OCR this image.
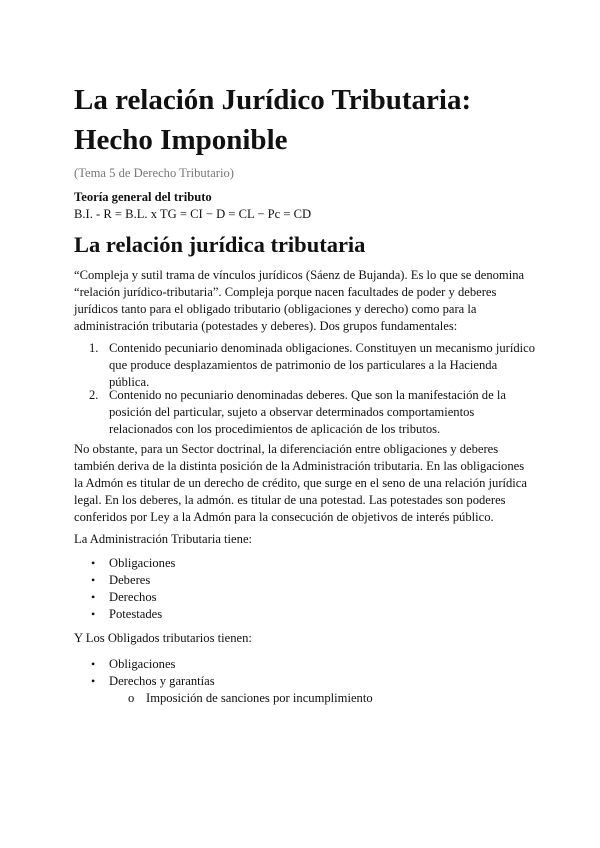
La relación Jurídico Tributaria:
Hecho Imponible
(Tema 5 de Derecho Tributario)
Teoría general del tributo
B.I. - R = B.L. x TG = CI − D = CL − Pc = CD
La relación jurídica tributaria
“Compleja y sutil trama de vínculos jurídicos (Sáenz de Bujanda). Es lo que se denomina “relación jurídico-tributaria”. Compleja porque nacen facultades de poder y deberes jurídicos tanto para el obligado tributario (obligaciones y derecho) como para la administración tributaria (potestades y deberes). Dos grupos fundamentales:
1. Contenido pecuniario denominada obligaciones. Constituyen un mecanismo jurídico que produce desplazamientos de patrimonio de los particulares a la Hacienda pública.
2. Contenido no pecuniario denominadas deberes. Que son la manifestación de la posición del particular, sujeto a observar determinados comportamientos relacionados con los procedimientos de aplicación de los tributos.
No obstante, para un Sector doctrinal, la diferenciación entre obligaciones y deberes también deriva de la distinta posición de la Administración tributaria. En las obligaciones la Admón es titular de un derecho de crédito, que surge en el seno de una relación jurídica legal. En los deberes, la admón. es titular de una potestad. Las potestades son poderes conferidos por Ley a la Admón para la consecución de objetivos de interés público.
La Administración Tributaria tiene:
• Obligaciones
• Deberes
• Derechos
• Potestades
Y Los Obligados tributarios tienen:
• Obligaciones
• Derechos y garantías
o Imposición de sanciones por incumplimiento
